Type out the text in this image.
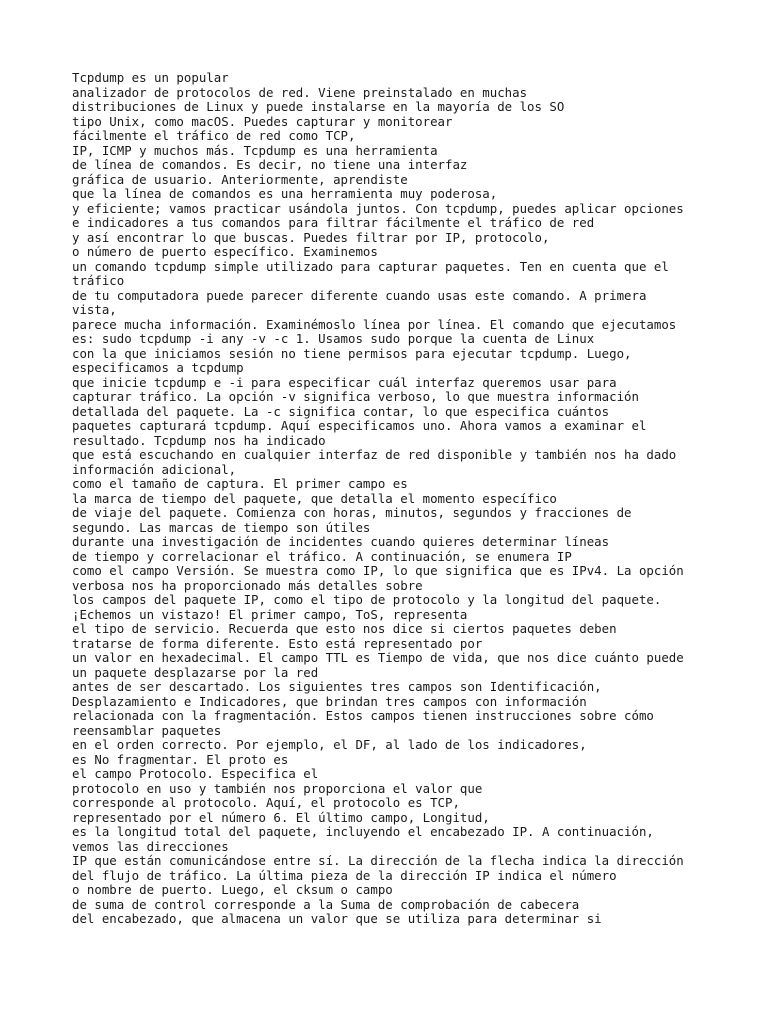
Tcpdump es un popular
analizador de protocolos de red. Viene preinstalado en muchas
distribuciones de Linux y puede instalarse en la mayoría de los SO
tipo Unix, como macOS. Puedes capturar y monitorear
fácilmente el tráfico de red como TCP,
IP, ICMP y muchos más. Tcpdump es una herramienta
de línea de comandos. Es decir, no tiene una interfaz
gráfica de usuario. Anteriormente, aprendiste
que la línea de comandos es una herramienta muy poderosa,
y eficiente; vamos practicar usándola juntos. Con tcpdump, puedes aplicar opciones
e indicadores a tus comandos para filtrar fácilmente el tráfico de red
y así encontrar lo que buscas. Puedes filtrar por IP, protocolo,
o número de puerto específico. Examinemos
un comando tcpdump simple utilizado para capturar paquetes. Ten en cuenta que el
tráfico
de tu computadora puede parecer diferente cuando usas este comando. A primera
vista,
parece mucha información. Examinémoslo línea por línea. El comando que ejecutamos
es: sudo tcpdump -i any -v -c 1. Usamos sudo porque la cuenta de Linux
con la que iniciamos sesión no tiene permisos para ejecutar tcpdump. Luego,
especificamos a tcpdump
que inicie tcpdump e -i para especificar cuál interfaz queremos usar para
capturar tráfico. La opción -v significa verboso, lo que muestra información
detallada del paquete. La -c significa contar, lo que especifica cuántos
paquetes capturará tcpdump. Aquí especificamos uno. Ahora vamos a examinar el
resultado. Tcpdump nos ha indicado
que está escuchando en cualquier interfaz de red disponible y también nos ha dado
información adicional,
como el tamaño de captura. El primer campo es
la marca de tiempo del paquete, que detalla el momento específico
de viaje del paquete. Comienza con horas, minutos, segundos y fracciones de
segundo. Las marcas de tiempo son útiles
durante una investigación de incidentes cuando quieres determinar líneas
de tiempo y correlacionar el tráfico. A continuación, se enumera IP
como el campo Versión. Se muestra como IP, lo que significa que es IPv4. La opción
verbosa nos ha proporcionado más detalles sobre
los campos del paquete IP, como el tipo de protocolo y la longitud del paquete.
¡Echemos un vistazo! El primer campo, ToS, representa
el tipo de servicio. Recuerda que esto nos dice si ciertos paquetes deben
tratarse de forma diferente. Esto está representado por
un valor en hexadecimal. El campo TTL es Tiempo de vida, que nos dice cuánto puede
un paquete desplazarse por la red
antes de ser descartado. Los siguientes tres campos son Identificación,
Desplazamiento e Indicadores, que brindan tres campos con información
relacionada con la fragmentación. Estos campos tienen instrucciones sobre cómo
reensamblar paquetes
en el orden correcto. Por ejemplo, el DF, al lado de los indicadores,
es No fragmentar. El proto es
el campo Protocolo. Especifica el
protocolo en uso y también nos proporciona el valor que
corresponde al protocolo. Aquí, el protocolo es TCP,
representado por el número 6. El último campo, Longitud,
es la longitud total del paquete, incluyendo el encabezado IP. A continuación,
vemos las direcciones
IP que están comunicándose entre sí. La dirección de la flecha indica la dirección
del flujo de tráfico. La última pieza de la dirección IP indica el número
o nombre de puerto. Luego, el cksum o campo
de suma de control corresponde a la Suma de comprobación de cabecera
del encabezado, que almacena un valor que se utiliza para determinar si
